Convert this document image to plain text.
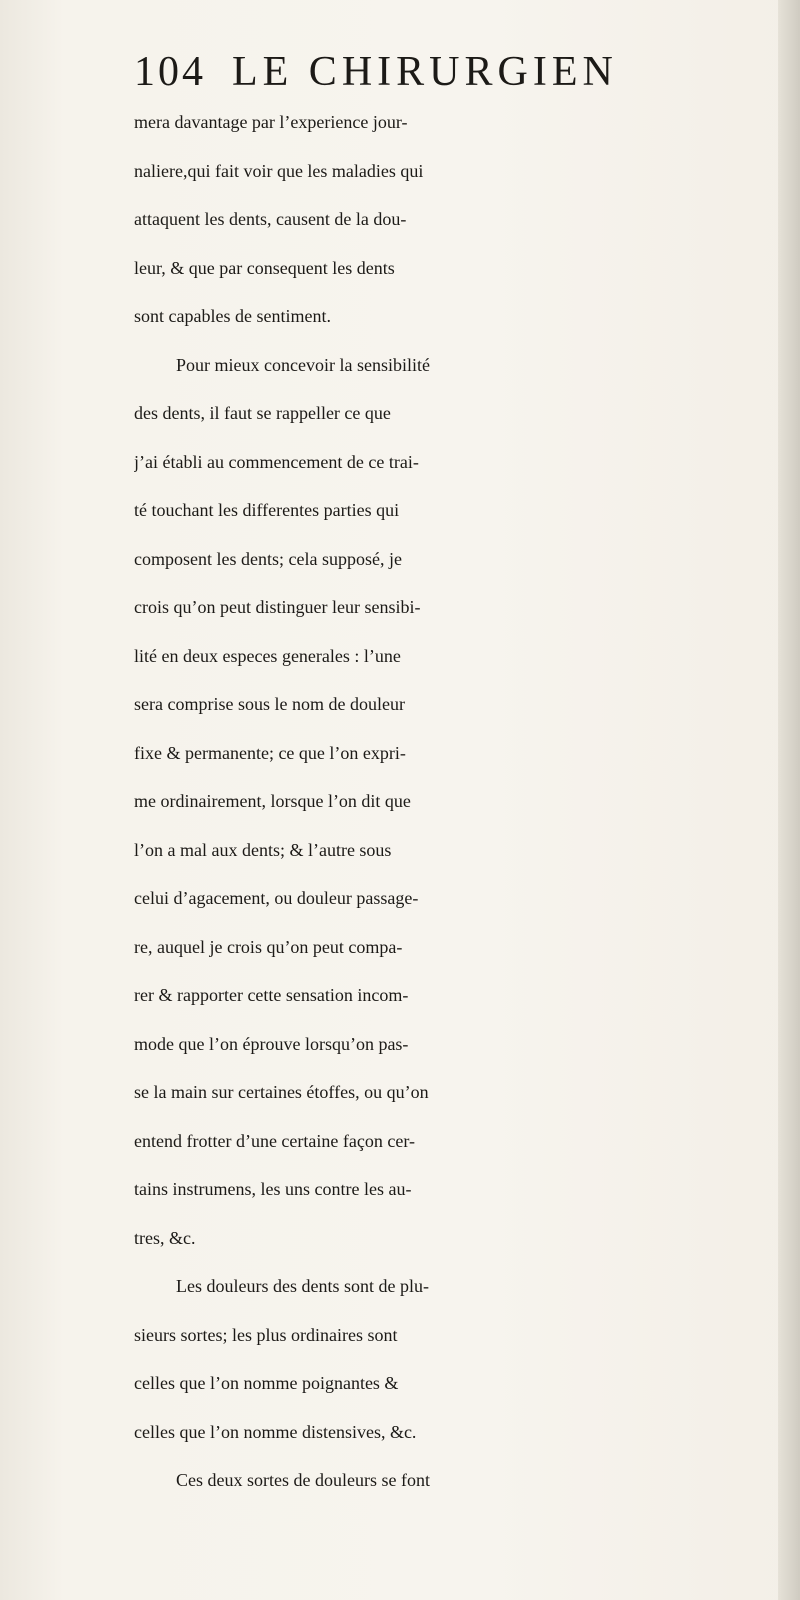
104 LE CHIRURGIEN
mera davantage par l’experience jour-
naliere,qui fait voir que les maladies qui
attaquent les dents, causent de la dou-
leur, & que par consequent les dents
sont capables de sentiment.
Pour mieux concevoir la sensibilité
des dents, il faut se rappeller ce que
j’ai établi au commencement de ce trai-
té touchant les differentes parties qui
composent les dents; cela supposé, je
crois qu’on peut distinguer leur sensibi-
lité en deux especes generales : l’une
sera comprise sous le nom de douleur
fixe & permanente; ce que l’on expri-
me ordinairement, lorsque l’on dit que
l’on a mal aux dents; & l’autre sous
celui d’agacement, ou douleur passage-
re, auquel je crois qu’on peut compa-
rer & rapporter cette sensation incom-
mode que l’on éprouve lorsqu’on pas-
se la main sur certaines étoffes, ou qu’on
entend frotter d’une certaine façon cer-
tains instrumens, les uns contre les au-
tres, &c.
Les douleurs des dents sont de plu-
sieurs sortes; les plus ordinaires sont
celles que l’on nomme poignantes &
celles que l’on nomme distensives, &c.
Ces deux sortes de douleurs se font
